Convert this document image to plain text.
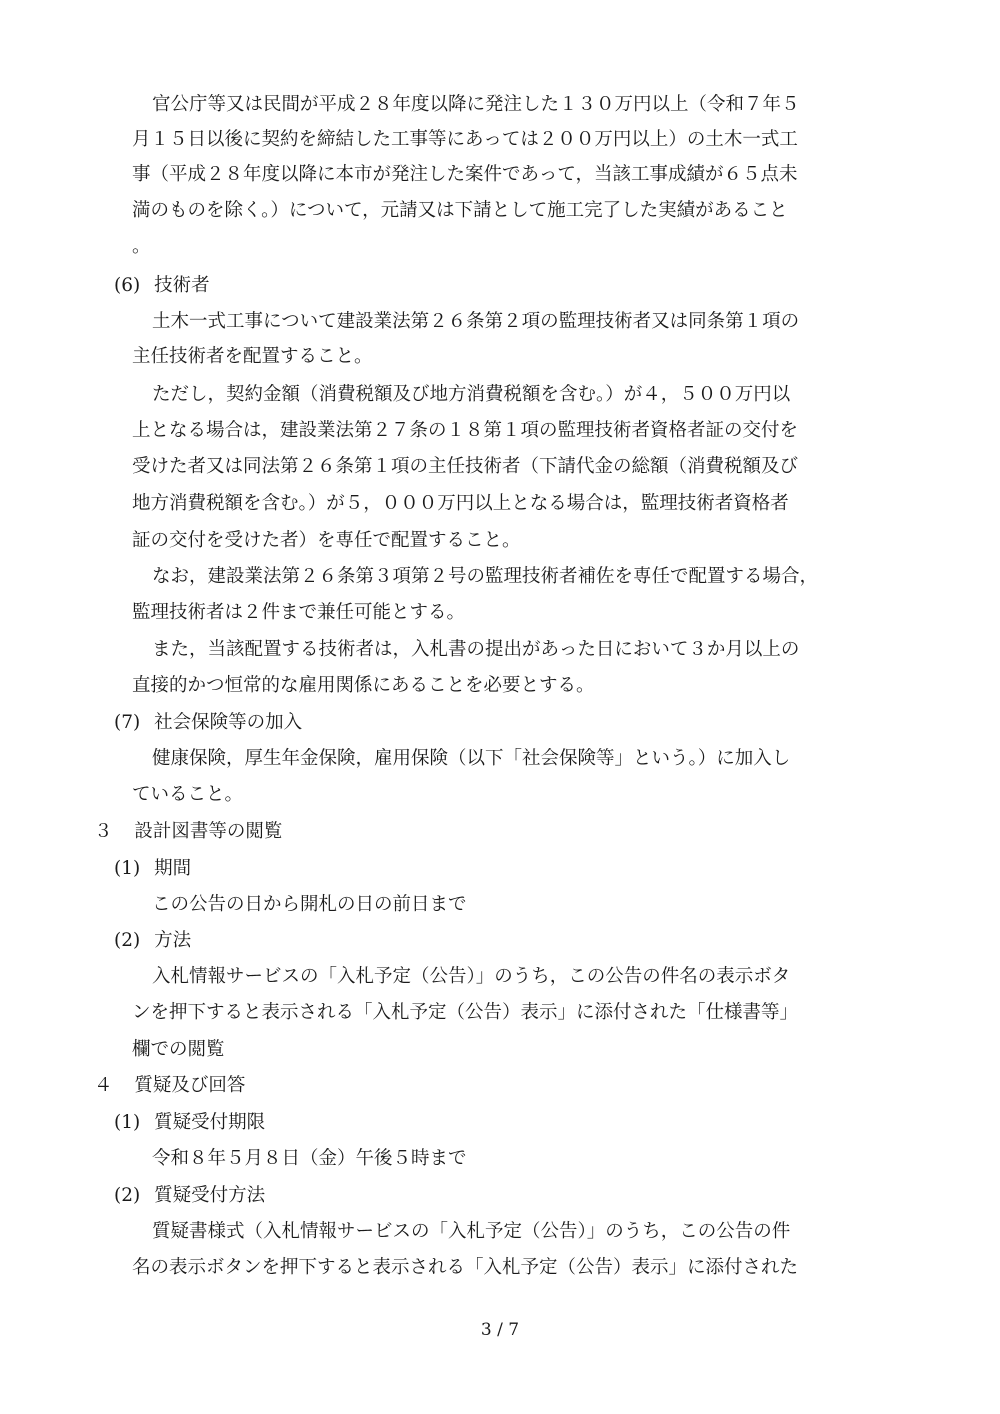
官公庁等又は民間が平成２８年度以降に発注した１３０万円以上（令和７年５
月１５日以後に契約を締結した工事等にあっては２００万円以上）の土木一式工
事（平成２８年度以降に本市が発注した案件であって，当該工事成績が６５点未
満のものを除く。）について，元請又は下請として施工完了した実績があること
。
(6) 技術者
土木一式工事について建設業法第２６条第２項の監理技術者又は同条第１項の
主任技術者を配置すること。
ただし，契約金額（消費税額及び地方消費税額を含む。）が４，５００万円以
上となる場合は，建設業法第２７条の１８第１項の監理技術者資格者証の交付を
受けた者又は同法第２６条第１項の主任技術者（下請代金の総額（消費税額及び
地方消費税額を含む。）が５，０００万円以上となる場合は，監理技術者資格者
証の交付を受けた者）を専任で配置すること。
なお，建設業法第２６条第３項第２号の監理技術者補佐を専任で配置する場合，
監理技術者は２件まで兼任可能とする。
また，当該配置する技術者は，入札書の提出があった日において３か月以上の
直接的かつ恒常的な雇用関係にあることを必要とする。
(7) 社会保険等の加入
健康保険，厚生年金保険，雇用保険（以下「社会保険等」という。）に加入し
ていること。
３ 設計図書等の閲覧
(1) 期間
この公告の日から開札の日の前日まで
(2) 方法
入札情報サービスの「入札予定（公告）」のうち，この公告の件名の表示ボタ
ンを押下すると表示される「入札予定（公告）表示」に添付された「仕様書等」
欄での閲覧
４ 質疑及び回答
(1) 質疑受付期限
令和８年５月８日（金）午後５時まで
(2) 質疑受付方法
質疑書様式（入札情報サービスの「入札予定（公告）」のうち，この公告の件
名の表示ボタンを押下すると表示される「入札予定（公告）表示」に添付された
3 / 7
